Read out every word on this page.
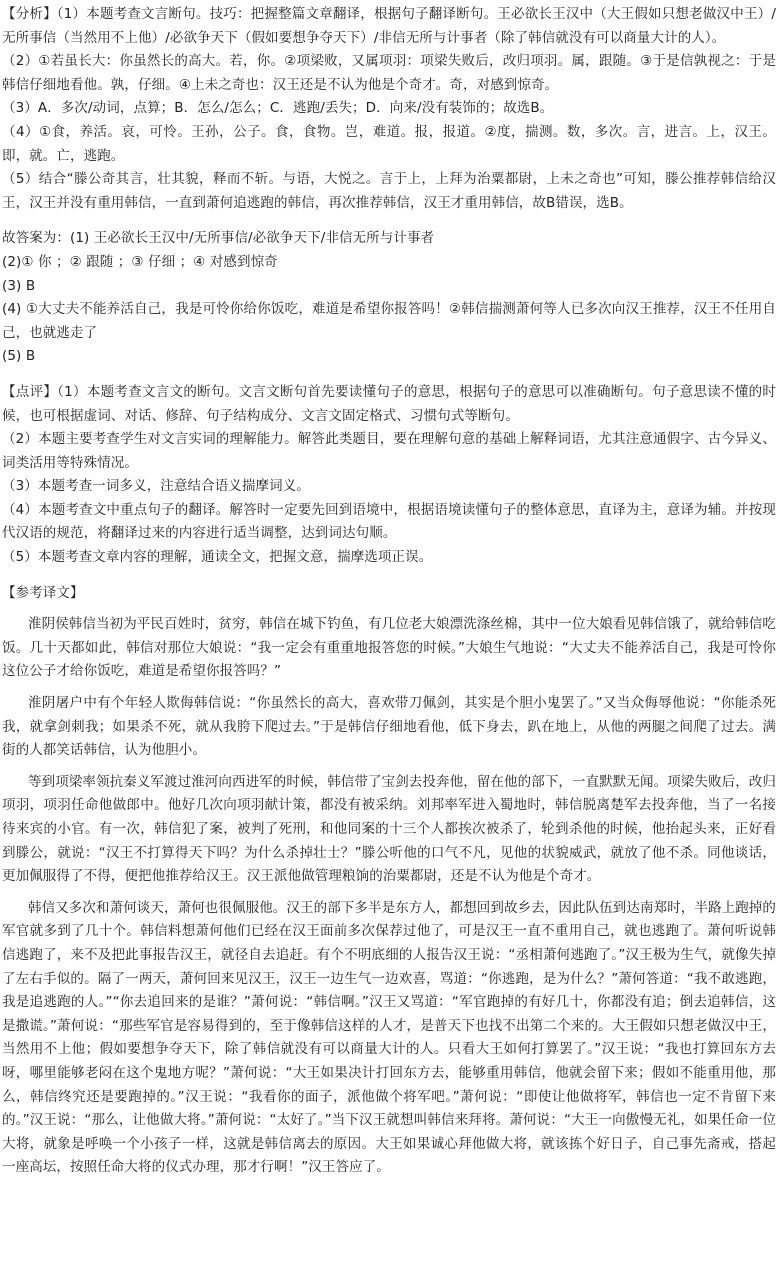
【分析】（1）本题考查文言断句。技巧：把握整篇文章翻译，根据句子翻译断句。王必欲长王汉中（大王假如只想老做汉中王）/无所事信（当然用不上他）/必欲争天下（假如要想争夺天下）/非信无所与计事者（除了韩信就没有可以商量大计的人）。

（2）①若虽长大：你虽然长的高大。若，你。②项梁败，又属项羽：项梁失败后，改归项羽。属，跟随。③于是信孰视之：于是韩信仔细地看他。孰，仔细。④上未之奇也：汉王还是不认为他是个奇才。奇，对感到惊奇。

（3）A．多次/动词，点算；B．怎么/怎么；C．逃跑/丢失；D．向来/没有装饰的；故选B。

（4）①食，养活。哀，可怜。王孙，公子。食，食物。岂，难道。报，报道。②度，揣测。数，多次。言，进言。上，汉王。即，就。亡，逃跑。

（5）结合“滕公奇其言，壮其貌，释而不斩。与语，大悦之。言于上，上拜为治粟都尉，上未之奇也”可知，滕公推荐韩信给汉王，汉王并没有重用韩信，一直到萧何追逃跑的韩信，再次推荐韩信，汉王才重用韩信，故B错误，选B。

故答案为：(1) 王必欲长王汉中/无所事信/必欲争天下/非信无所与计事者

(2)① 你 ；② 跟随 ；③ 仔细 ；④ 对感到惊奇

(3) B

(4) ①大丈夫不能养活自己，我是可怜你给你饭吃，难道是希望你报答吗！②韩信揣测萧何等人已多次向汉王推荐，汉王不任用自己，也就逃走了

(5) B

【点评】（1）本题考查文言文的断句。文言文断句首先要读懂句子的意思，根据句子的意思可以准确断句。句子意思读不懂的时候，也可根据虚词、对话、修辞、句子结构成分、文言文固定格式、习惯句式等断句。

（2）本题主要考查学生对文言实词的理解能力。解答此类题目，要在理解句意的基础上解释词语，尤其注意通假字、古今异义、词类活用等特殊情况。

（3）本题考查一词多义，注意结合语义揣摩词义。

（4）本题考查文中重点句子的翻译。解答时一定要先回到语境中，根据语境读懂句子的整体意思，直译为主，意译为辅。并按现代汉语的规范，将翻译过来的内容进行适当调整，达到词达句顺。

（5）本题考查文章内容的理解，通读全文，把握文意，揣摩选项正误。

【参考译文】

淮阴侯韩信当初为平民百姓时，贫穷，韩信在城下钓鱼，有几位老大娘漂洗涤丝棉，其中一位大娘看见韩信饿了，就给韩信吃饭。几十天都如此，韩信对那位大娘说：“我一定会有重重地报答您的时候。”大娘生气地说：“大丈夫不能养活自己，我是可怜你这位公子才给你饭吃，难道是希望你报答吗？”

淮阴屠户中有个年轻人欺侮韩信说：“你虽然长的高大，喜欢带刀佩剑，其实是个胆小鬼罢了。”又当众侮辱他说：“你能杀死我，就拿剑刺我；如果杀不死，就从我胯下爬过去。”于是韩信仔细地看他，低下身去，趴在地上，从他的两腿之间爬了过去。满街的人都笑话韩信，认为他胆小。

等到项梁率领抗秦义军渡过淮河向西进军的时候，韩信带了宝剑去投奔他，留在他的部下，一直默默无闻。项梁失败后，改归项羽，项羽任命他做郎中。他好几次向项羽献计策，都没有被采纳。刘邦率军进入蜀地时，韩信脱离楚军去投奔他，当了一名接待来宾的小官。有一次，韩信犯了案，被判了死刑，和他同案的十三个人都挨次被杀了，轮到杀他的时候，他抬起头来，正好看到滕公，就说：“汉王不打算得天下吗？为什么杀掉壮士？”滕公听他的口气不凡，见他的状貌威武，就放了他不杀。同他谈话，更加佩服得了不得，便把他推荐给汉王。汉王派他做管理粮饷的治粟都尉，还是不认为他是个奇才。

韩信又多次和萧何谈天，萧何也很佩服他。汉王的部下多半是东方人，都想回到故乡去，因此队伍到达南郑时，半路上跑掉的军官就多到了几十个。韩信料想萧何他们已经在汉王面前多次保荐过他了，可是汉王一直不重用自己，就也逃跑了。萧何听说韩信逃跑了，来不及把此事报告汉王，就径自去追赶。有个不明底细的人报告汉王说：“丞相萧何逃跑了。”汉王极为生气，就像失掉了左右手似的。隔了一两天，萧何回来见汉王，汉王一边生气一边欢喜，骂道：“你逃跑，是为什么？”萧何答道：“我不敢逃跑，我是追逃跑的人。”“你去追回来的是谁？”萧何说：“韩信啊。”汉王又骂道：“军官跑掉的有好几十，你都没有追；倒去追韩信，这是撒谎。”萧何说：“那些军官是容易得到的，至于像韩信这样的人才，是普天下也找不出第二个来的。大王假如只想老做汉中王，当然用不上他；假如要想争夺天下，除了韩信就没有可以商量大计的人。只看大王如何打算罢了。”汉王说：“我也打算回东方去呀，哪里能够老闷在这个鬼地方呢？”萧何说：“大王如果决计打回东方去，能够重用韩信，他就会留下来；假如不能重用他，那么，韩信终究还是要跑掉的。”汉王说：“我看你的面子，派他做个将军吧。”萧何说：“即使让他做将军，韩信也一定不肯留下来的。”汉王说：“那么，让他做大将。”萧何说：“太好了。”当下汉王就想叫韩信来拜将。萧何说：“大王一向傲慢无礼，如果任命一位大将，就象是呼唤一个小孩子一样，这就是韩信离去的原因。大王如果诚心拜他做大将，就该拣个好日子，自己事先斋戒，搭起一座高坛，按照任命大将的仪式办理，那才行啊！”汉王答应了。
